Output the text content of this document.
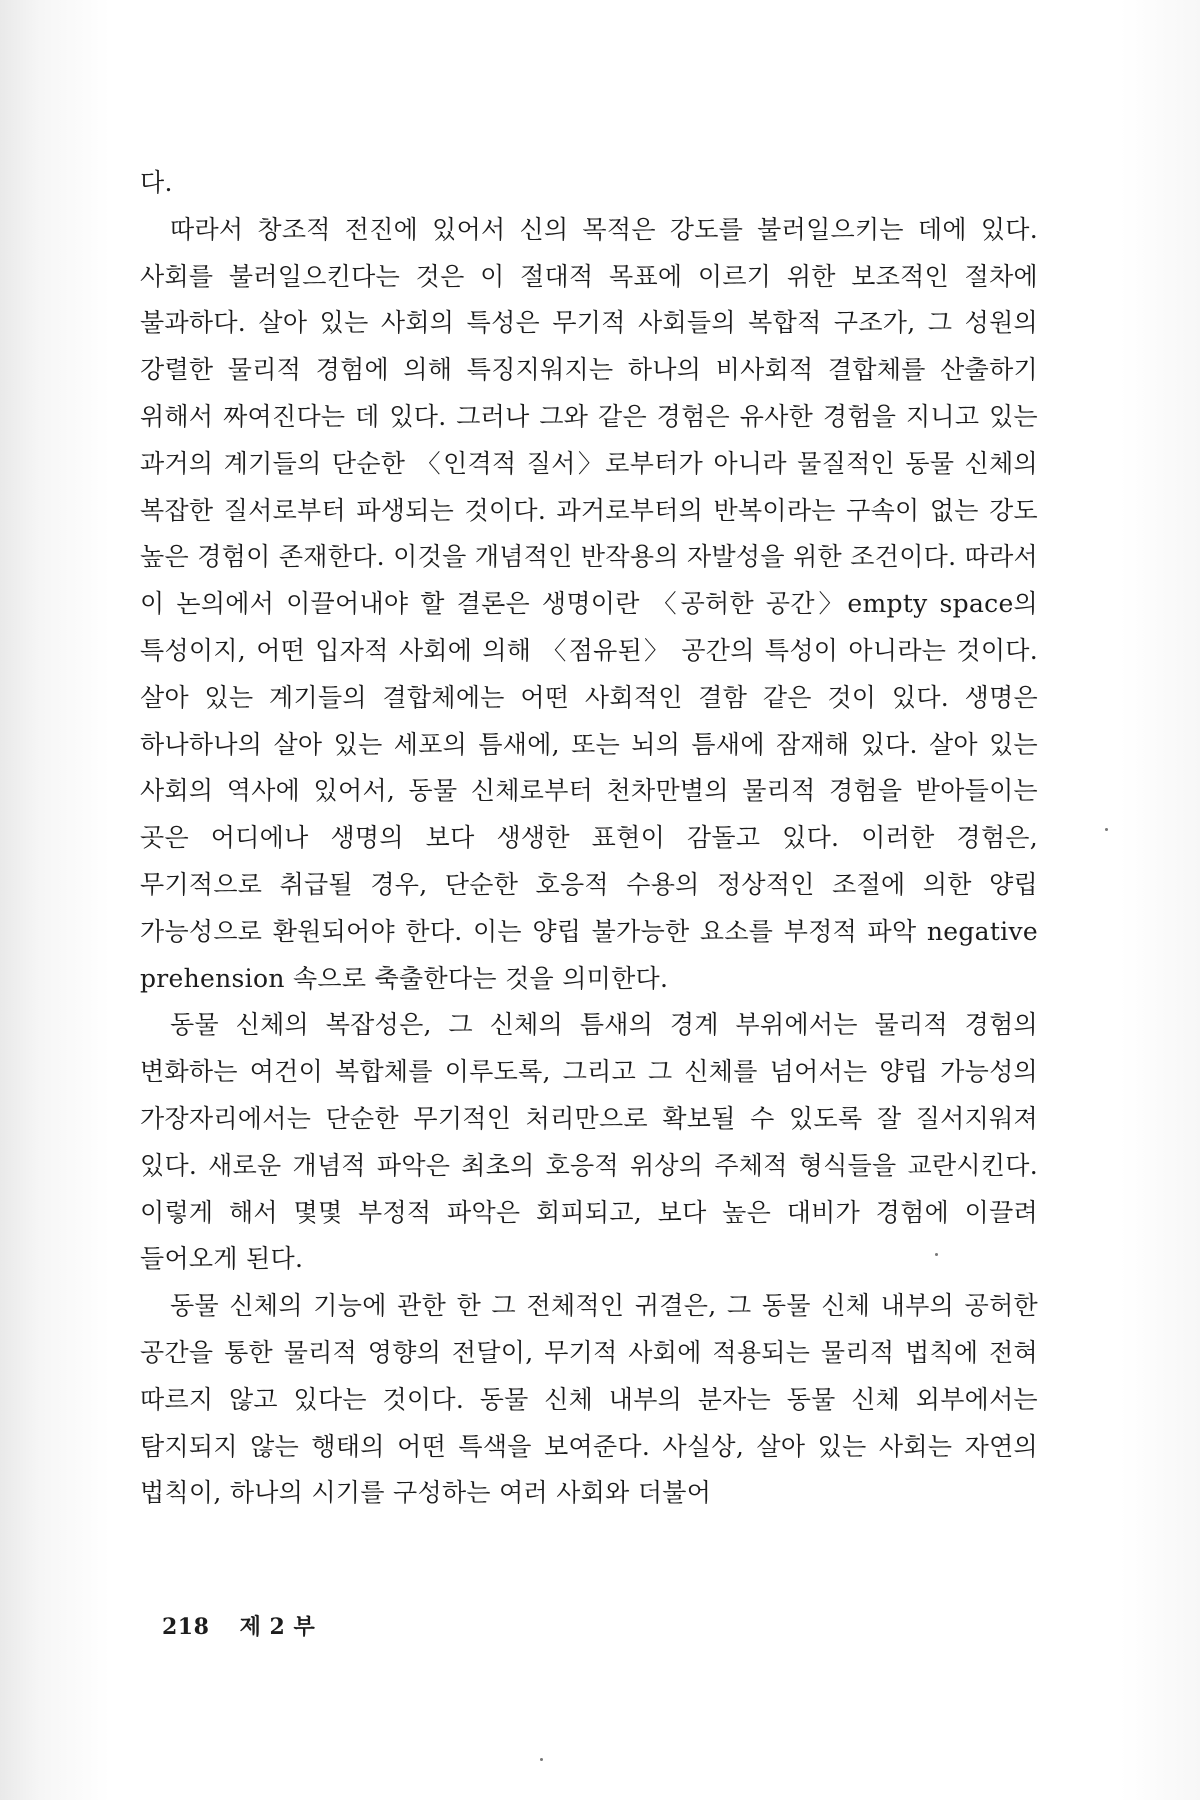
다.

따라서 창조적 전진에 있어서 신의 목적은 강도를 불러일으키는 데에 있다. 사회를 불러일으킨다는 것은 이 절대적 목표에 이르기 위한 보조적인 절차에 불과하다. 살아 있는 사회의 특성은 무기적 사회들의 복합적 구조가, 그 성원의 강렬한 물리적 경험에 의해 특징지워지는 하나의 비사회적 결합체를 산출하기 위해서 짜여진다는 데 있다. 그러나 그와 같은 경험은 유사한 경험을 지니고 있는 과거의 계기들의 단순한 〈인격적 질서〉로부터가 아니라 물질적인 동물 신체의 복잡한 질서로부터 파생되는 것이다. 과거로부터의 반복이라는 구속이 없는 강도 높은 경험이 존재한다. 이것을 개념적인 반작용의 자발성을 위한 조건이다. 따라서 이 논의에서 이끌어내야 할 결론은 생명이란 〈공허한 공간〉empty space의 특성이지, 어떤 입자적 사회에 의해 〈점유된〉 공간의 특성이 아니라는 것이다. 살아 있는 계기들의 결합체에는 어떤 사회적인 결함 같은 것이 있다. 생명은 하나하나의 살아 있는 세포의 틈새에, 또는 뇌의 틈새에 잠재해 있다. 살아 있는 사회의 역사에 있어서, 동물 신체로부터 천차만별의 물리적 경험을 받아들이는 곳은 어디에나 생명의 보다 생생한 표현이 감돌고 있다. 이러한 경험은, 무기적으로 취급될 경우, 단순한 호응적 수용의 정상적인 조절에 의한 양립 가능성으로 환원되어야 한다. 이는 양립 불가능한 요소를 부정적 파악 negative prehension 속으로 축출한다는 것을 의미한다.

동물 신체의 복잡성은, 그 신체의 틈새의 경계 부위에서는 물리적 경험의 변화하는 여건이 복합체를 이루도록, 그리고 그 신체를 넘어서는 양립 가능성의 가장자리에서는 단순한 무기적인 처리만으로 확보될 수 있도록 잘 질서지워져 있다. 새로운 개념적 파악은 최초의 호응적 위상의 주체적 형식들을 교란시킨다. 이렇게 해서 몇몇 부정적 파악은 회피되고, 보다 높은 대비가 경험에 이끌려 들어오게 된다.

동물 신체의 기능에 관한 한 그 전체적인 귀결은, 그 동물 신체 내부의 공허한 공간을 통한 물리적 영향의 전달이, 무기적 사회에 적용되는 물리적 법칙에 전혀 따르지 않고 있다는 것이다. 동물 신체 내부의 분자는 동물 신체 외부에서는 탐지되지 않는 행태의 어떤 특색을 보여준다. 사실상, 살아 있는 사회는 자연의 법칙이, 하나의 시기를 구성하는 여러 사회와 더불어

218 제 2 부
